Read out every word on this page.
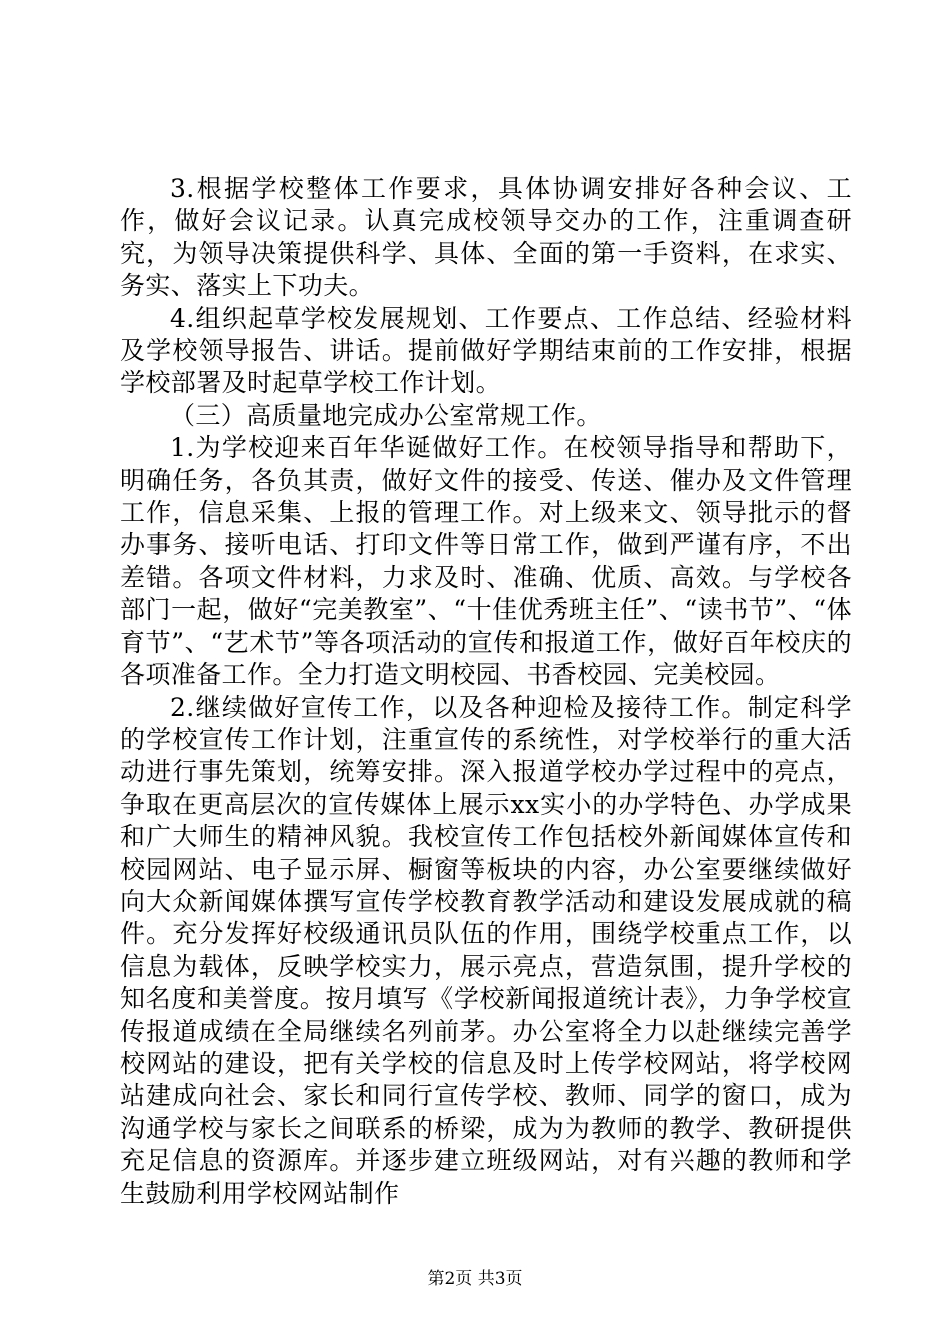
3.根据学校整体工作要求，具体协调安排好各种会议、工作，做好会议记录。认真完成校领导交办的工作，注重调查研究，为领导决策提供科学、具体、全面的第一手资料，在求实、务实、落实上下功夫。

4.组织起草学校发展规划、工作要点、工作总结、经验材料及学校领导报告、讲话。提前做好学期结束前的工作安排，根据学校部署及时起草学校工作计划。

（三）高质量地完成办公室常规工作。

1.为学校迎来百年华诞做好工作。在校领导指导和帮助下，明确任务，各负其责，做好文件的接受、传送、催办及文件管理工作，信息采集、上报的管理工作。对上级来文、领导批示的督办事务、接听电话、打印文件等日常工作，做到严谨有序，不出差错。各项文件材料，力求及时、准确、优质、高效。与学校各部门一起，做好“完美教室”、“十佳优秀班主任”、“读书节”、“体育节”、“艺术节”等各项活动的宣传和报道工作，做好百年校庆的各项准备工作。全力打造文明校园、书香校园、完美校园。

2.继续做好宣传工作，以及各种迎检及接待工作。制定科学的学校宣传工作计划，注重宣传的系统性，对学校举行的重大活动进行事先策划，统筹安排。深入报道学校办学过程中的亮点，争取在更高层次的宣传媒体上展示xx实小的办学特色、办学成果和广大师生的精神风貌。我校宣传工作包括校外新闻媒体宣传和校园网站、电子显示屏、橱窗等板块的内容，办公室要继续做好向大众新闻媒体撰写宣传学校教育教学活动和建设发展成就的稿件。充分发挥好校级通讯员队伍的作用，围绕学校重点工作，以信息为载体，反映学校实力，展示亮点，营造氛围，提升学校的知名度和美誉度。按月填写《学校新闻报道统计表》，力争学校宣传报道成绩在全局继续名列前茅。办公室将全力以赴继续完善学校网站的建设，把有关学校的信息及时上传学校网站，将学校网站建成向社会、家长和同行宣传学校、教师、同学的窗口，成为沟通学校与家长之间联系的桥梁，成为为教师的教学、教研提供充足信息的资源库。并逐步建立班级网站，对有兴趣的教师和学生鼓励利用学校网站制作

第2页 共3页
